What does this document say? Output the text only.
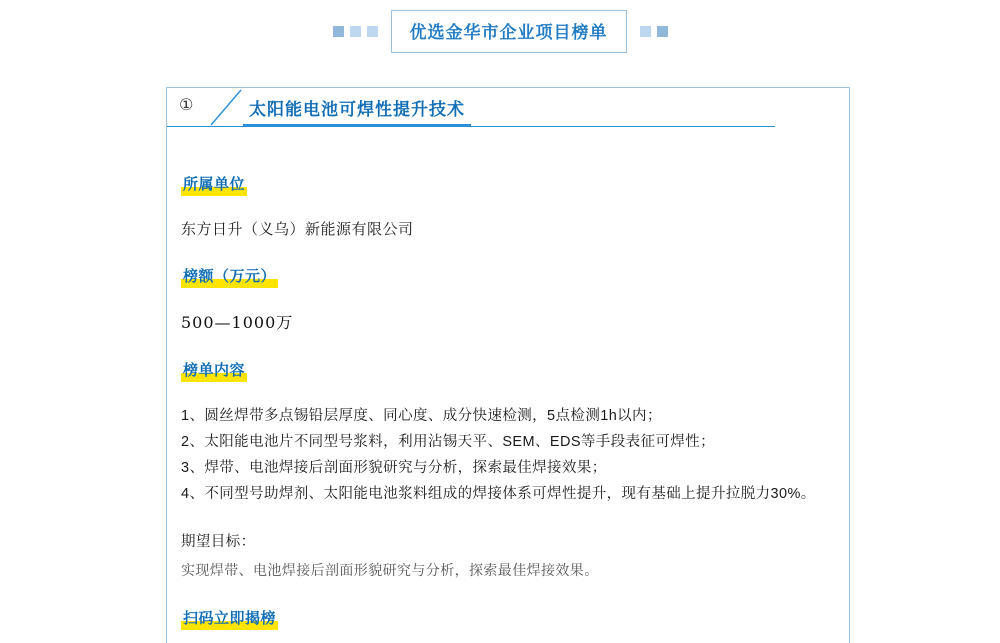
优选金华市企业项目榜单
①	太阳能电池可焊性提升技术
所属单位
东方日升（义乌）新能源有限公司
榜额（万元）
500—1000万
榜单内容
1、圆丝焊带多点锡铅层厚度、同心度、成分快速检测，5点检测1h以内；
2、太阳能电池片不同型号浆料，利用沾锡天平、SEM、EDS等手段表征可焊性；
3、焊带、电池焊接后剖面形貌研究与分析，探索最佳焊接效果；
4、不同型号助焊剂、太阳能电池浆料组成的焊接体系可焊性提升，现有基础上提升拉脱力30%。
期望目标：
实现焊带、电池焊接后剖面形貌研究与分析，探索最佳焊接效果。
扫码立即揭榜
